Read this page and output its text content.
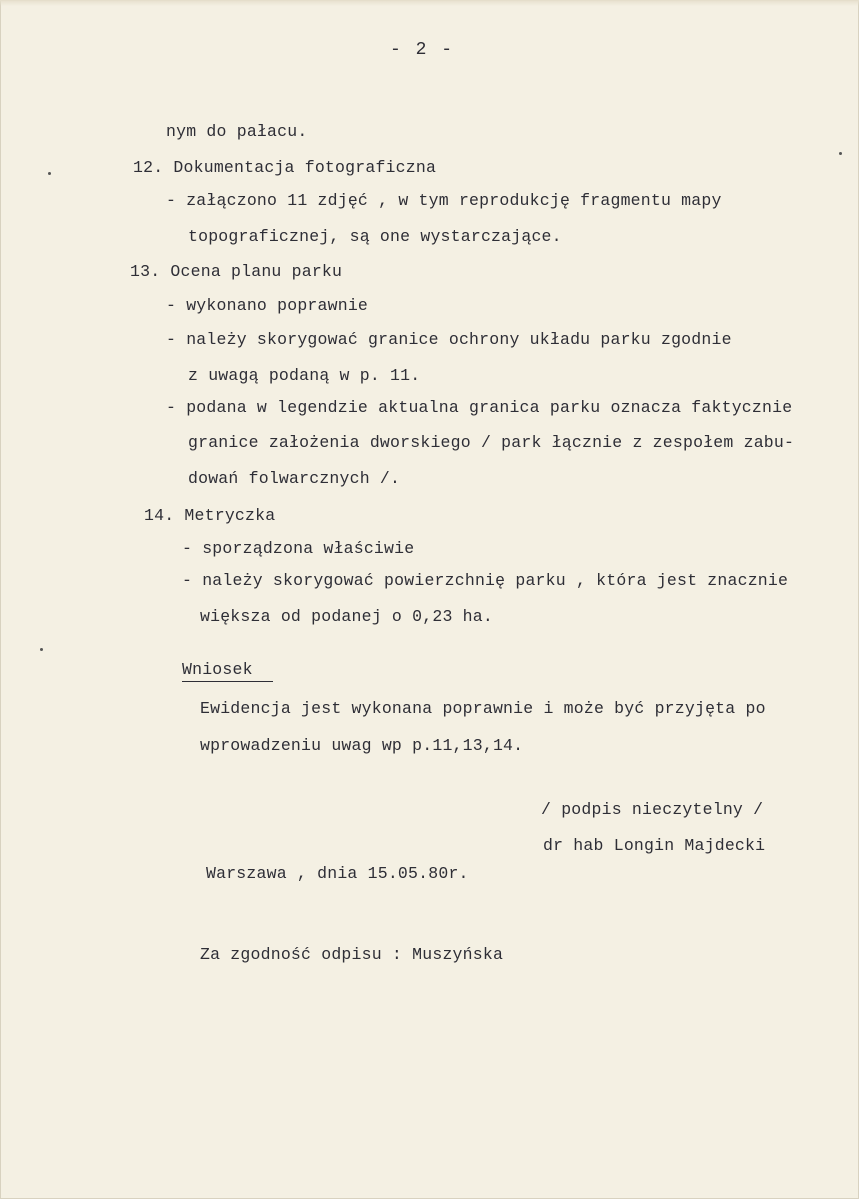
- 2 -
nym do pałacu.
12. Dokumentacja fotograficzna
- załączono 11 zdjęć , w tym reprodukcję fragmentu mapy
topograficznej, są one wystarczające.
13. Ocena planu parku
- wykonano poprawnie
- należy skorygować granice ochrony układu parku zgodnie
z uwagą podaną w p. 11.
- podana w legendzie aktualna granica parku oznacza faktycznie
granice założenia dworskiego / park łącznie z zespołem zabu-
dowań folwarcznych /.
14. Metryczka
- sporządzona właściwie
- należy skorygować powierzchnię parku , która jest znacznie
większa od podanej o 0,23 ha.
Wniosek
Ewidencja jest wykonana poprawnie i może być przyjęta po
wprowadzeniu uwag wp p.11,13,14.
/ podpis nieczytelny /
dr hab Longin Majdecki
Warszawa , dnia 15.05.80r.
Za zgodność odpisu : Muszyńska
